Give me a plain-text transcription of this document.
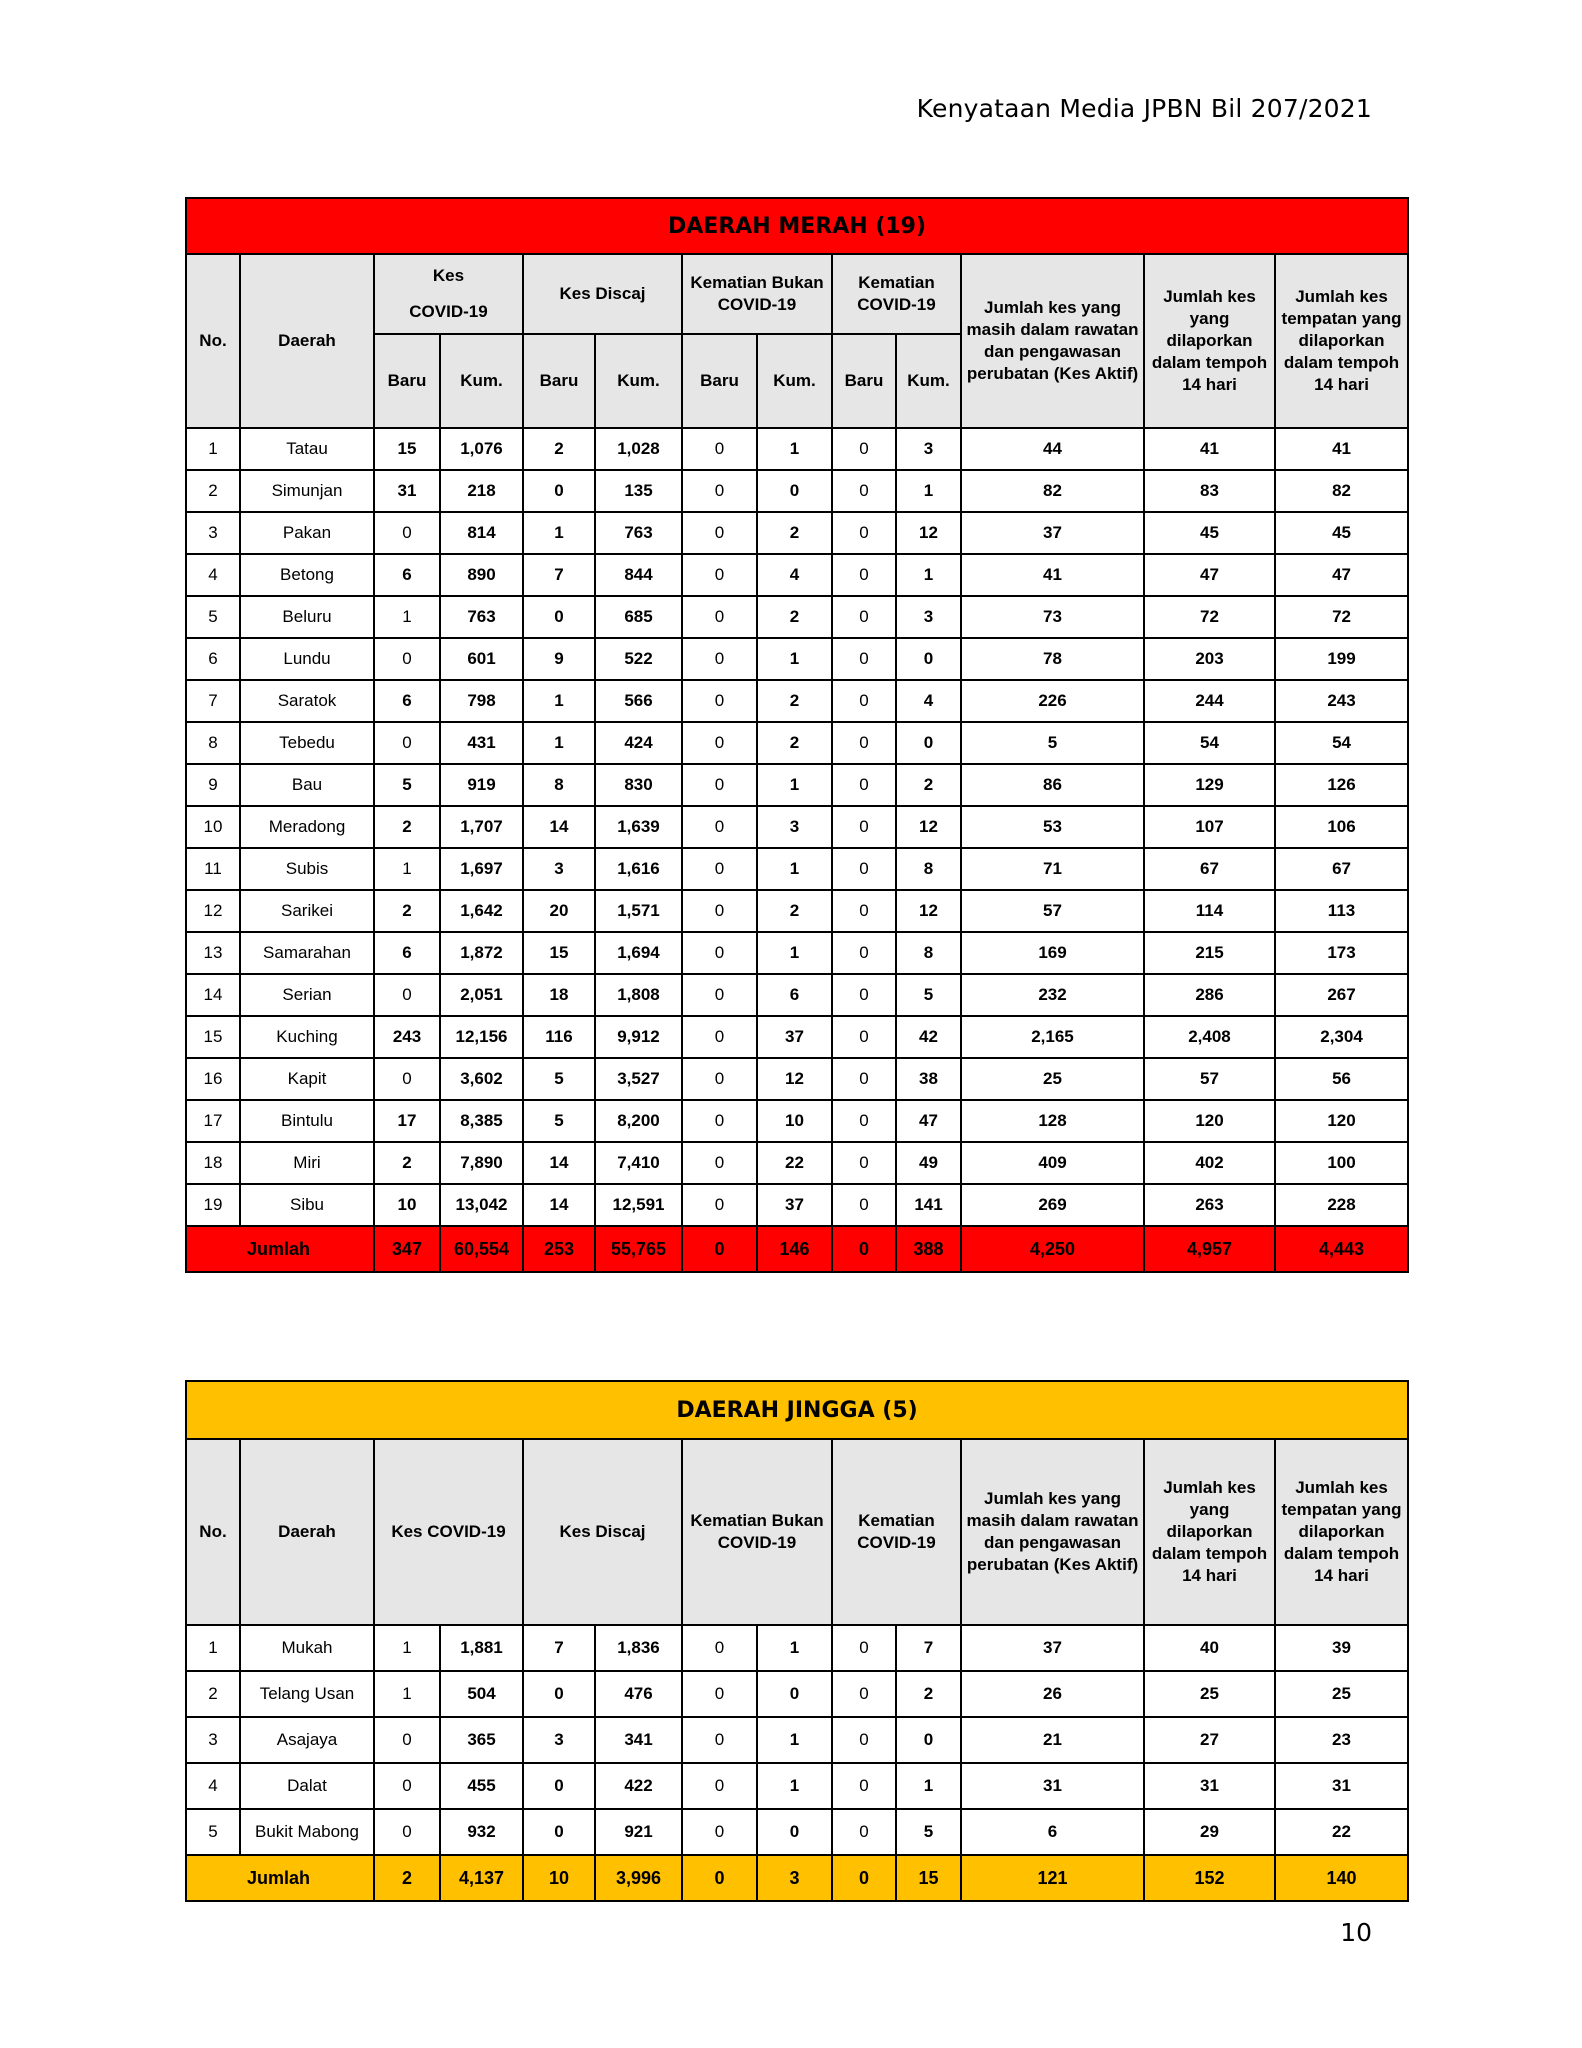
Kenyataan Media JPBN Bil 207/2021
DAERAH MERAH (19)												
No.	Daerah	Kes
COVID-19		Kes Discaj		Kematian Bukan COVID-19		Kematian COVID-19		Jumlah kes yang masih dalam rawatan dan pengawasan perubatan (Kes Aktif)	Jumlah kes yang dilaporkan dalam tempoh 14 hari	Jumlah kes tempatan yang dilaporkan dalam tempoh 14 hari
		Baru	Kum.	Baru	Kum.	Baru	Kum.	Baru	Kum.			
1	Tatau	15	1,076	2	1,028	0	1	0	3	44	41	41
2	Simunjan	31	218	0	135	0	0	0	1	82	83	82
3	Pakan	0	814	1	763	0	2	0	12	37	45	45
4	Betong	6	890	7	844	0	4	0	1	41	47	47
5	Beluru	1	763	0	685	0	2	0	3	73	72	72
6	Lundu	0	601	9	522	0	1	0	0	78	203	199
7	Saratok	6	798	1	566	0	2	0	4	226	244	243
8	Tebedu	0	431	1	424	0	2	0	0	5	54	54
9	Bau	5	919	8	830	0	1	0	2	86	129	126
10	Meradong	2	1,707	14	1,639	0	3	0	12	53	107	106
11	Subis	1	1,697	3	1,616	0	1	0	8	71	67	67
12	Sarikei	2	1,642	20	1,571	0	2	0	12	57	114	113
13	Samarahan	6	1,872	15	1,694	0	1	0	8	169	215	173
14	Serian	0	2,051	18	1,808	0	6	0	5	232	286	267
15	Kuching	243	12,156	116	9,912	0	37	0	42	2,165	2,408	2,304
16	Kapit	0	3,602	5	3,527	0	12	0	38	25	57	56
17	Bintulu	17	8,385	5	8,200	0	10	0	47	128	120	120
18	Miri	2	7,890	14	7,410	0	22	0	49	409	402	100
19	Sibu	10	13,042	14	12,591	0	37	0	141	269	263	228
Jumlah		347	60,554	253	55,765	0	146	0	388	4,250	4,957	4,443
DAERAH JINGGA (5)												
No.	Daerah	Kes COVID-19		Kes Discaj		Kematian Bukan COVID-19		Kematian COVID-19		Jumlah kes yang masih dalam rawatan dan pengawasan perubatan (Kes Aktif)	Jumlah kes yang dilaporkan dalam tempoh 14 hari	Jumlah kes tempatan yang dilaporkan dalam tempoh 14 hari
1	Mukah	1	1,881	7	1,836	0	1	0	7	37	40	39
2	Telang Usan	1	504	0	476	0	0	0	2	26	25	25
3	Asajaya	0	365	3	341	0	1	0	0	21	27	23
4	Dalat	0	455	0	422	0	1	0	1	31	31	31
5	Bukit Mabong	0	932	0	921	0	0	0	5	6	29	22
Jumlah		2	4,137	10	3,996	0	3	0	15	121	152	140
10
